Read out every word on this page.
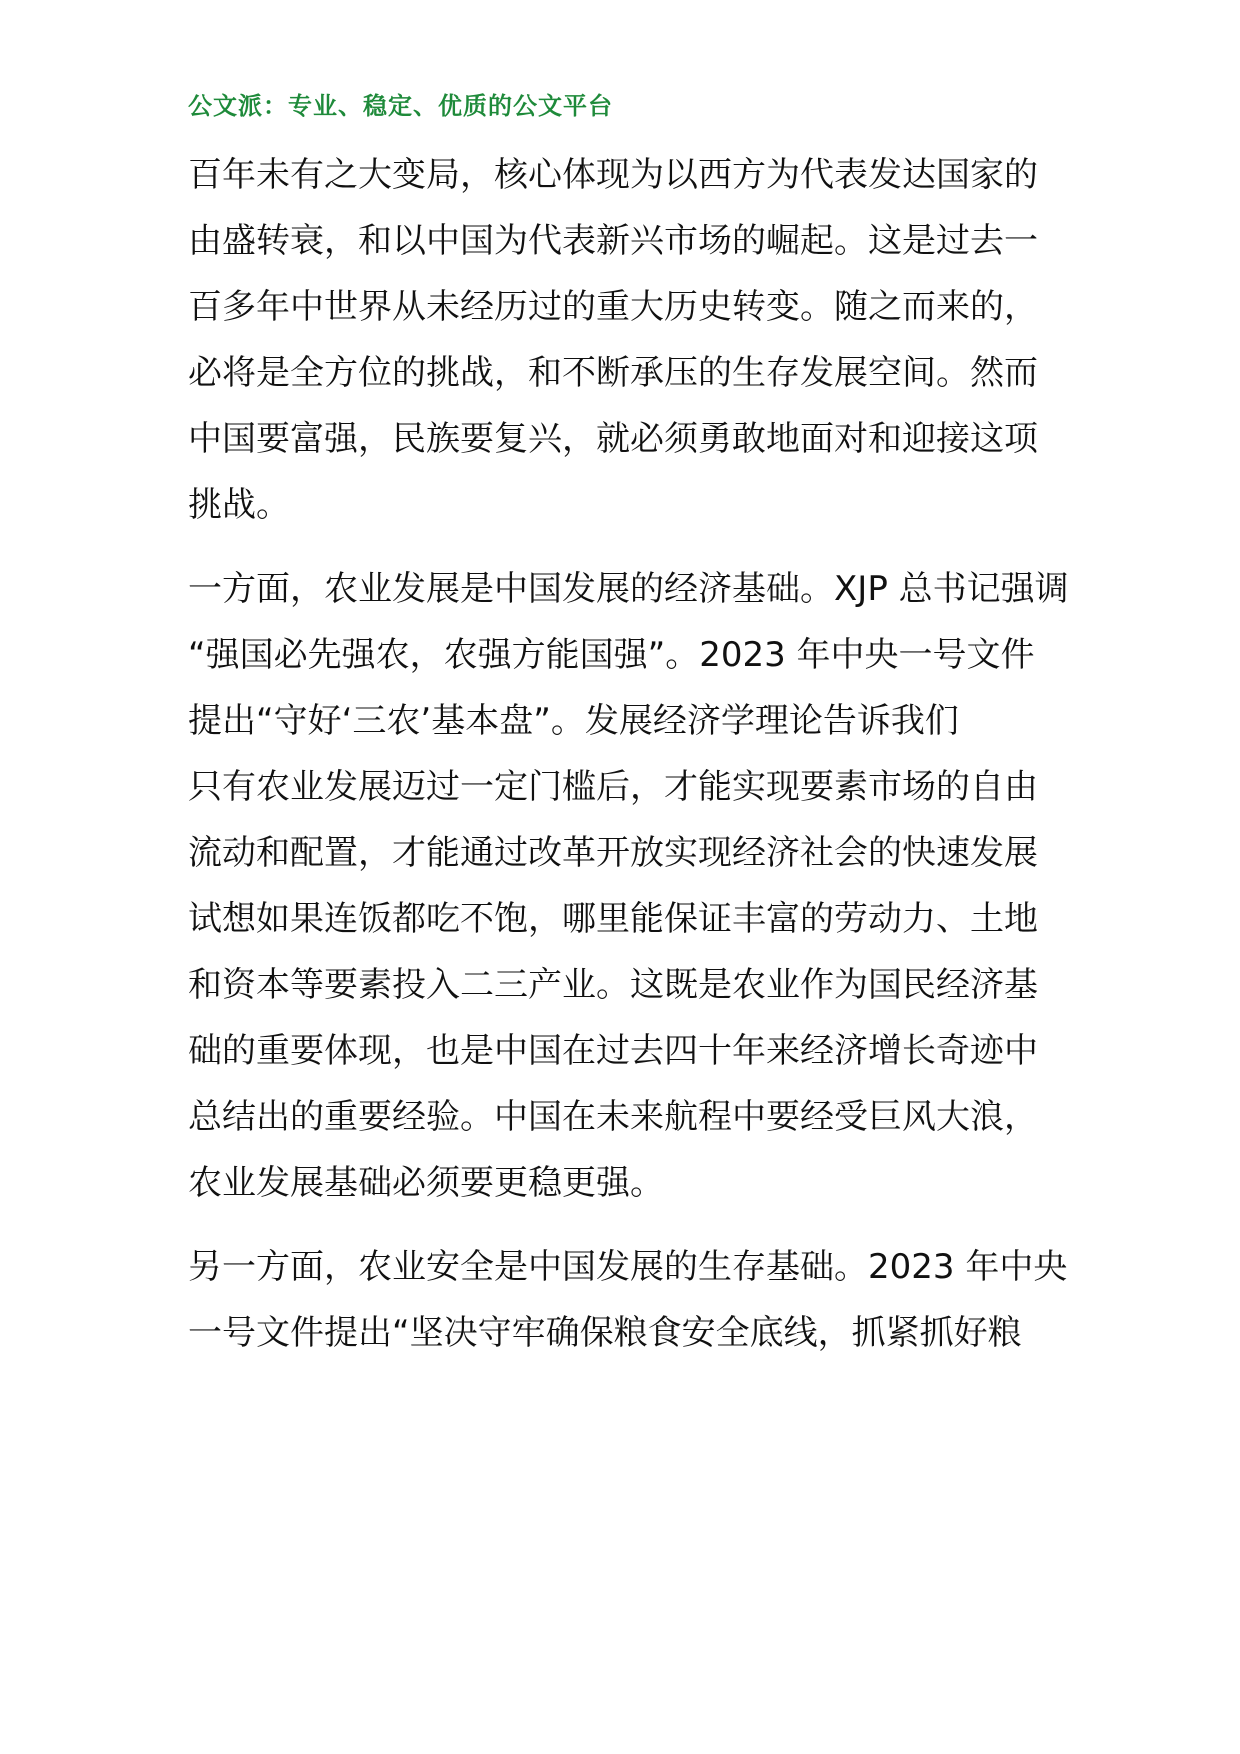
公文派：专业、稳定、优质的公文平台
百年未有之大变局，核心体现为以西方为代表发达国家的
由盛转衰，和以中国为代表新兴市场的崛起。这是过去一
百多年中世界从未经历过的重大历史转变。随之而来的，
必将是全方位的挑战，和不断承压的生存发展空间。然而
中国要富强，民族要复兴，就必须勇敢地面对和迎接这项
挑战。
一方面，农业发展是中国发展的经济基础。XJP 总书记强调
“强国必先强农，农强方能国强”。2023 年中央一号文件
提出“守好‘三农’基本盘”。发展经济学理论告诉我们
只有农业发展迈过一定门槛后，才能实现要素市场的自由
流动和配置，才能通过改革开放实现经济社会的快速发展
试想如果连饭都吃不饱，哪里能保证丰富的劳动力、土地
和资本等要素投入二三产业。这既是农业作为国民经济基
础的重要体现，也是中国在过去四十年来经济增长奇迹中
总结出的重要经验。中国在未来航程中要经受巨风大浪，
农业发展基础必须要更稳更强。
另一方面，农业安全是中国发展的生存基础。2023 年中央
一号文件提出“坚决守牢确保粮食安全底线，抓紧抓好粮
